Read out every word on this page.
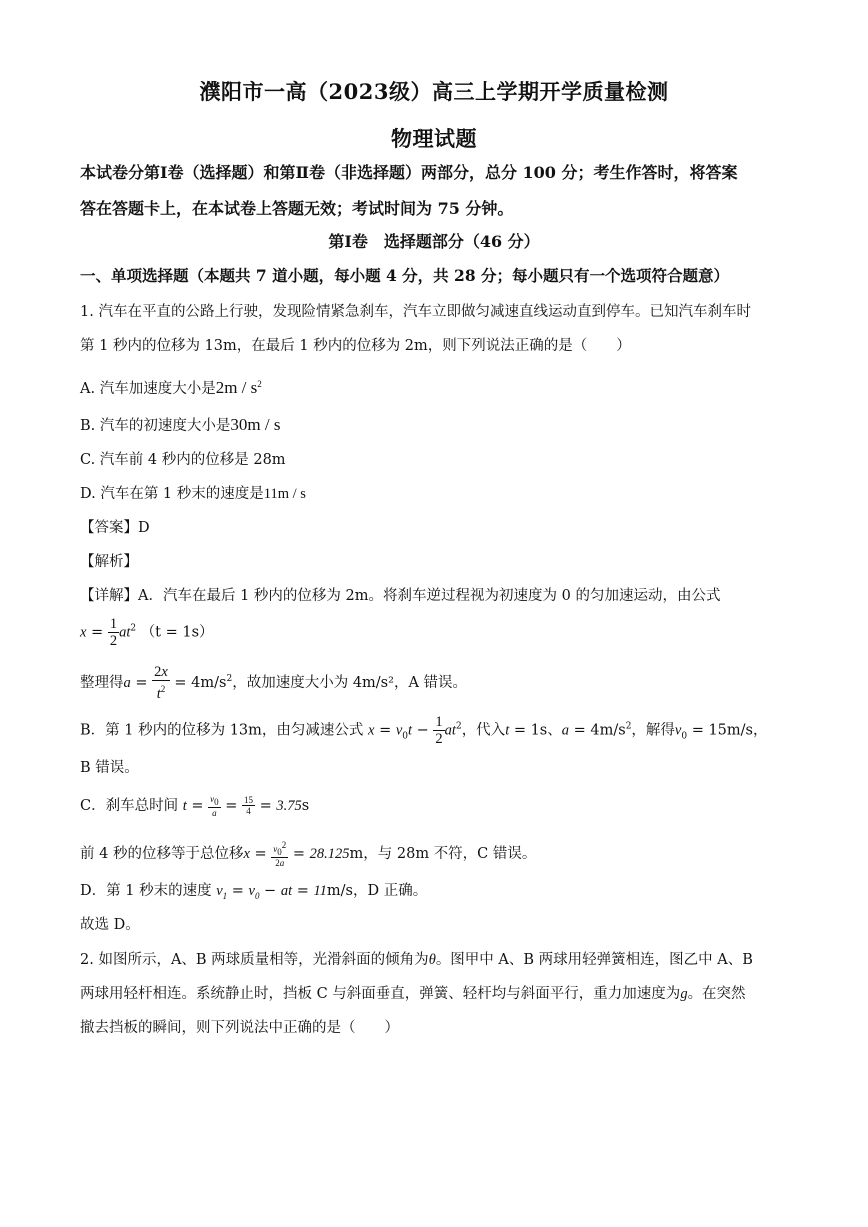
濮阳市一高（2023级）高三上学期开学质量检测
物理试题
本试卷分第Ⅰ卷（选择题）和第Ⅱ卷（非选择题）两部分，总分 100 分；考生作答时，将答案
答在答题卡上，在本试卷上答题无效；考试时间为 75 分钟。
第Ⅰ卷　选择题部分（46 分）
一、单项选择题（本题共 7 道小题，每小题 4 分，共 28 分；每小题只有一个选项符合题意）
1. 汽车在平直的公路上行驶，发现险情紧急刹车，汽车立即做匀减速直线运动直到停车。已知汽车刹车时
第 1 秒内的位移为 13m，在最后 1 秒内的位移为 2m，则下列说法正确的是（　　）
A. 汽车加速度大小是$2m / s^2$
B. 汽车的初速度大小是30m / s
C. 汽车前 4 秒内的位移是 28m
D. 汽车在第 1 秒末的速度是11m / s
【答案】D
【解析】
【详解】A．汽车在最后 1 秒内的位移为 2m。将刹车逆过程视为初速度为 0 的匀加速运动，由公式
$x = \frac{1}{2} at^2$ （t = 1s）
整理得$a = \frac{2x}{t^2} = 4m/s^2$，故加速度大小为 4m/s²，A 错误。
B．第 1 秒内的位移为 13m，由匀减速公式 $x = v_0t - \frac{1}{2} at^2$，代入t = 1s、$a = 4m/s^2$，解得$v_0 = 15m/s$，
B 错误。
C．刹车总时间 $t = \frac{v_0}{a} = \frac{15}{4} = 3.75s$
前 4 秒的位移等于总位移$x = \frac{v_0^2}{2a} = 28.125m$，与 28m 不符，C 错误。
D．第 1 秒末的速度 $v_1 = v_0$ − at = 11m/s，D 正确。
故选 D。
2. 如图所示，A、B 两球质量相等，光滑斜面的倾角为θ。图甲中 A、B 两球用轻弹簧相连，图乙中 A、B
两球用轻杆相连。系统静止时，挡板 C 与斜面垂直，弹簧、轻杆均与斜面平行，重力加速度为g。在突然
撤去挡板的瞬间，则下列说法中正确的是（　　）
